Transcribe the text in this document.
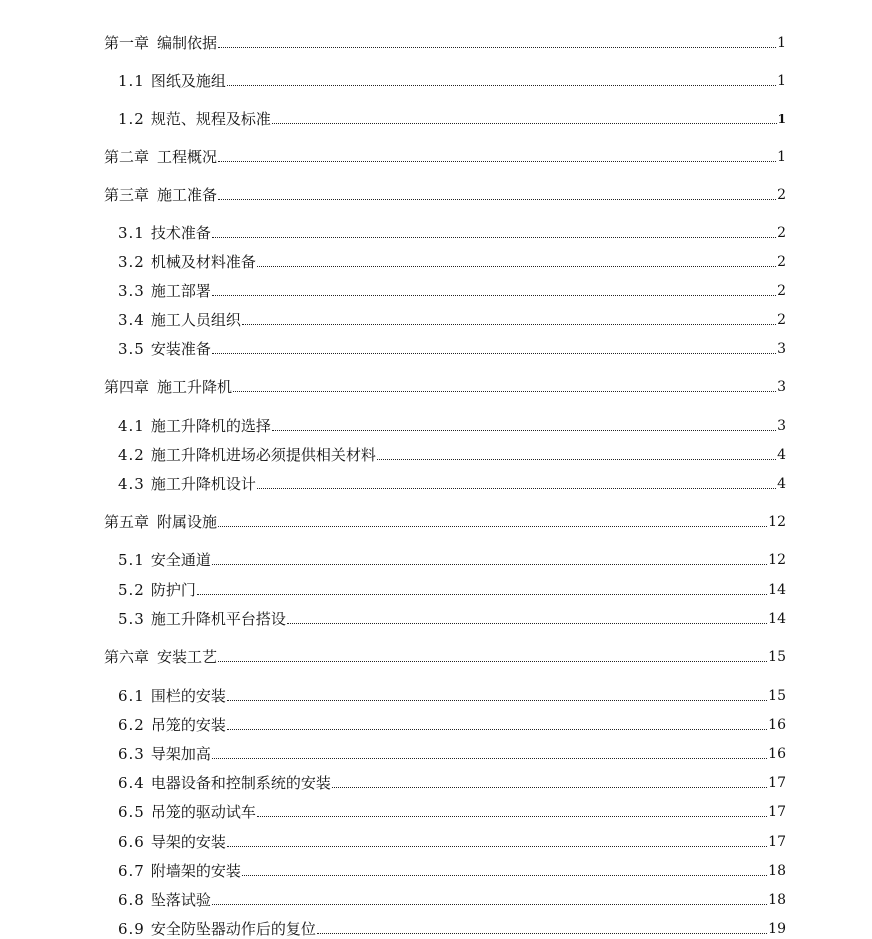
第一章 编制依据	1
1.1 图纸及施组	1
1.2 规范、规程及标准	1
第二章 工程概况	1
第三章 施工准备	2
3.1 技术准备	2
3.2 机械及材料准备	2
3.3 施工部署	2
3.4 施工人员组织	2
3.5 安装准备	3
第四章 施工升降机	3
4.1 施工升降机的选择	3
4.2 施工升降机进场必须提供相关材料	4
4.3 施工升降机设计	4
第五章 附属设施	12
5.1 安全通道	12
5.2 防护门	14
5.3 施工升降机平台搭设	14
第六章 安装工艺	15
6.1 围栏的安装	15
6.2 吊笼的安装	16
6.3 导架加高	16
6.4 电器设备和控制系统的安装	17
6.5 吊笼的驱动试车	17
6.6 导架的安装	17
6.7 附墙架的安装	18
6.8 坠落试验	18
6.9 安全防坠器动作后的复位	19
